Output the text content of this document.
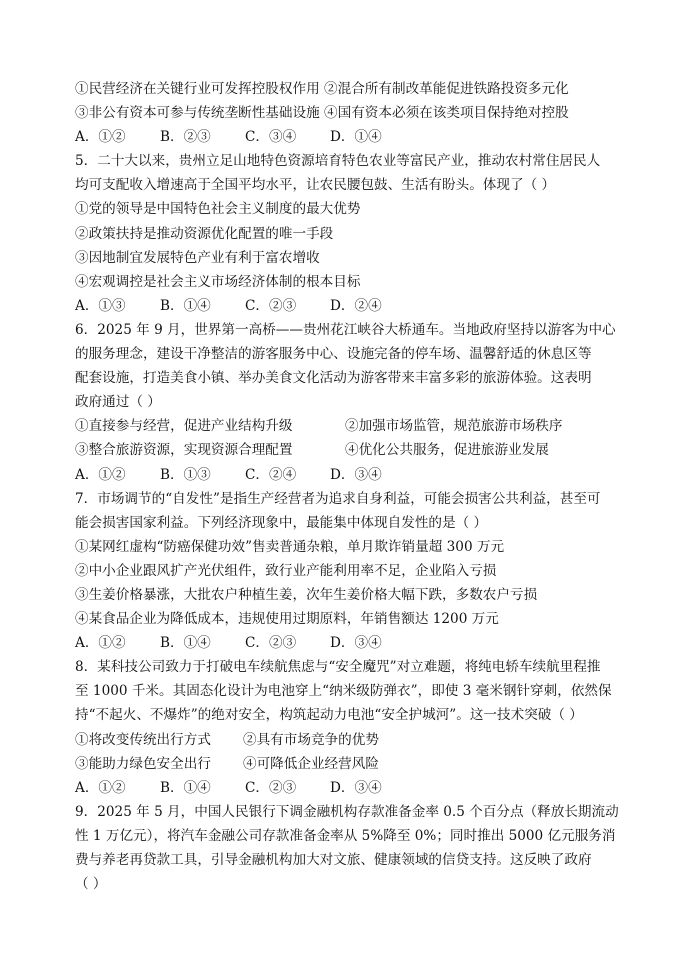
①民营经济在关键行业可发挥控股权作用 ②混合所有制改革能促进铁路投资多元化
③非公有资本可参与传统垄断性基础设施 ④国有资本必须在该类项目保持绝对控股
A．①②	B．②③	C．③④	D．①④
5．二十大以来，贵州立足山地特色资源培育特色农业等富民产业，推动农村常住居民人
均可支配收入增速高于全国平均水平，让农民腰包鼓、生活有盼头。体现了（ ）
①党的领导是中国特色社会主义制度的最大优势
②政策扶持是推动资源优化配置的唯一手段
③因地制宜发展特色产业有利于富农增收
④宏观调控是社会主义市场经济体制的根本目标
A．①③	B．①④	C．②③	D．②④
6．2025 年 9 月，世界第一高桥——贵州花江峡谷大桥通车。当地政府坚持以游客为中心
的服务理念，建设干净整洁的游客服务中心、设施完备的停车场、温馨舒适的休息区等
配套设施，打造美食小镇、举办美食文化活动为游客带来丰富多彩的旅游体验。这表明
政府通过（ ）
①直接参与经营，促进产业结构升级	②加强市场监管，规范旅游市场秩序
③整合旅游资源，实现资源合理配置	④优化公共服务，促进旅游业发展
A．①②	B．①③	C．②④	D．③④
7．市场调节的“自发性”是指生产经营者为追求自身利益，可能会损害公共利益，甚至可
能会损害国家利益。下列经济现象中，最能集中体现自发性的是（ ）
①某网红虚构“防癌保健功效”售卖普通杂粮，单月欺诈销量超 300 万元
②中小企业跟风扩产光伏组件，致行业产能利用率不足，企业陷入亏损
③生姜价格暴涨，大批农户种植生姜，次年生姜价格大幅下跌，多数农户亏损
④某食品企业为降低成本，违规使用过期原料，年销售额达 1200 万元
A．①②	B．①④	C．②③	D．③④
8．某科技公司致力于打破电车续航焦虑与“安全魔咒”对立难题，将纯电轿车续航里程推
至 1000 千米。其固态化设计为电池穿上“纳米级防弹衣”，即使 3 毫米钢针穿刺，依然保
持“不起火、不爆炸”的绝对安全，构筑起动力电池“安全护城河”。这一技术突破（ ）
①将改变传统出行方式	②具有市场竞争的优势
③能助力绿色安全出行	④可降低企业经营风险
A．①②	B．①④	C．②③	D．③④
9．2025 年 5 月，中国人民银行下调金融机构存款准备金率 0.5 个百分点（释放长期流动
性 1 万亿元），将汽车金融公司存款准备金率从 5%降至 0%；同时推出 5000 亿元服务消
费与养老再贷款工具，引导金融机构加大对文旅、健康领域的信贷支持。这反映了政府
（ ）
